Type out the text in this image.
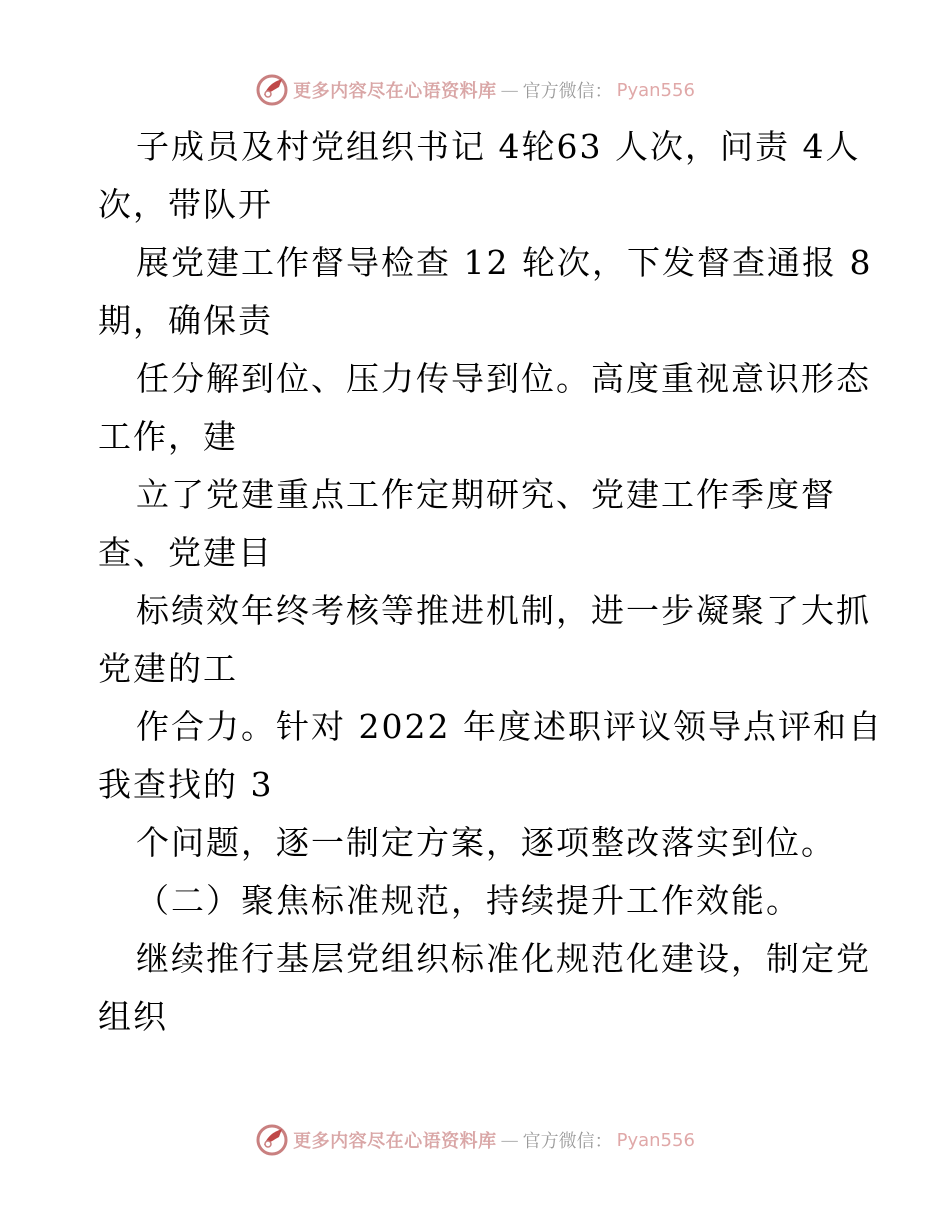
更多内容尽在心语资料库 — 官方微信： Pyan556
子成员及村党组织书记 4轮63 人次，问责 4人
次，带队开
展党建工作督导检查 12 轮次，下发督查通报 8
期，确保责
任分解到位、压力传导到位。高度重视意识形态
工作，建
立了党建重点工作定期研究、党建工作季度督
查、党建目
标绩效年终考核等推进机制，进一步凝聚了大抓
党建的工
作合力。针对 2022 年度述职评议领导点评和自
我查找的 3
个问题，逐一制定方案，逐项整改落实到位。
（二）聚焦标准规范，持续提升工作效能。
继续推行基层党组织标准化规范化建设，制定党
组织
更多内容尽在心语资料库 — 官方微信： Pyan556
